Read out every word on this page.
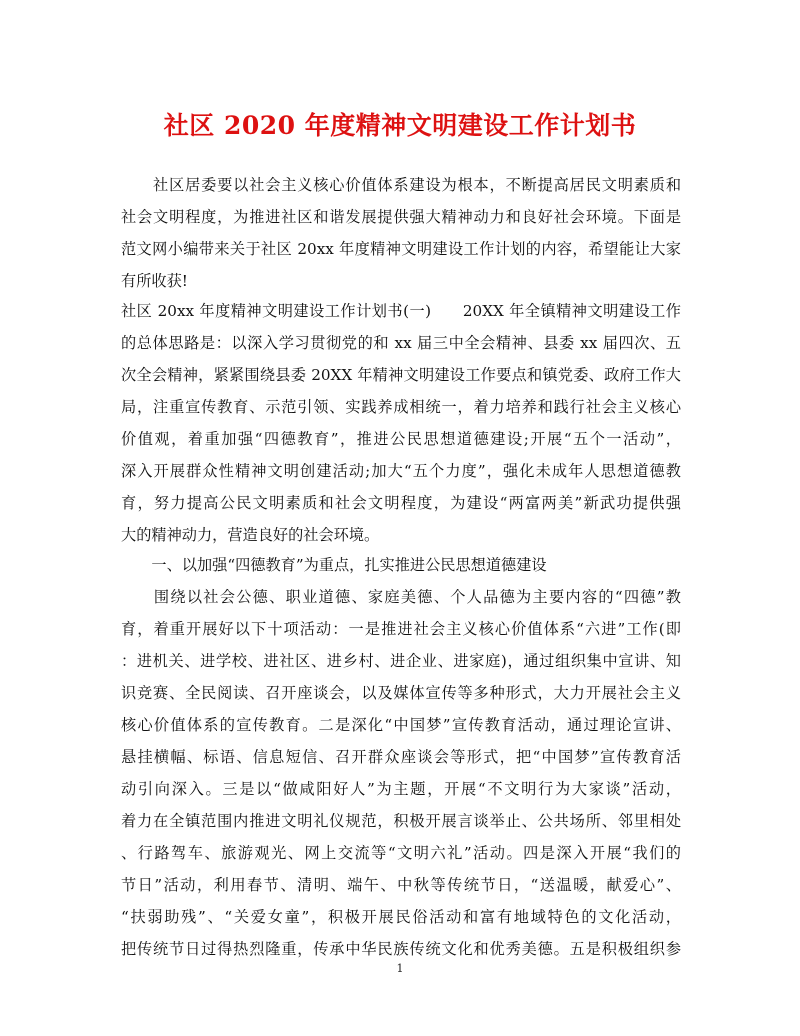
社区 2020 年度精神文明建设工作计划书
　　社区居委要以社会主义核心价值体系建设为根本，不断提高居民文明素质和
社会文明程度，为推进社区和谐发展提供强大精神动力和良好社会环境。下面是
范文网小编带来关于社区 20xx 年度精神文明建设工作计划的内容，希望能让大家
有所收获!
社区 20xx 年度精神文明建设工作计划书(一)　　20XX 年全镇精神文明建设工作
的总体思路是：以深入学习贯彻党的和 xx 届三中全会精神、县委 xx 届四次、五
次全会精神，紧紧围绕县委 20XX 年精神文明建设工作要点和镇党委、政府工作大
局，注重宣传教育、示范引领、实践养成相统一，着力培养和践行社会主义核心
价值观，着重加强“四德教育”，推进公民思想道德建设;开展“五个一活动”，
深入开展群众性精神文明创建活动;加大“五个力度”，强化未成年人思想道德教
育，努力提高公民文明素质和社会文明程度，为建设“两富两美”新武功提供强
大的精神动力，营造良好的社会环境。
　　一、以加强“四德教育”为重点，扎实推进公民思想道德建设
　　围绕以社会公德、职业道德、家庭美德、个人品德为主要内容的“四德”教
育，着重开展好以下十项活动：一是推进社会主义核心价值体系“六进”工作(即
：进机关、进学校、进社区、进乡村、进企业、进家庭)，通过组织集中宣讲、知
识竞赛、全民阅读、召开座谈会，以及媒体宣传等多种形式，大力开展社会主义
核心价值体系的宣传教育。二是深化“中国梦”宣传教育活动，通过理论宣讲、
悬挂横幅、标语、信息短信、召开群众座谈会等形式，把“中国梦”宣传教育活
动引向深入。三是以“做咸阳好人”为主题，开展“不文明行为大家谈”活动，
着力在全镇范围内推进文明礼仪规范，积极开展言谈举止、公共场所、邻里相处
、行路驾车、旅游观光、网上交流等“文明六礼”活动。四是深入开展“我们的
节日”活动，利用春节、清明、端午、中秋等传统节日，“送温暖，献爱心”、
“扶弱助残”、“关爱女童”，积极开展民俗活动和富有地域特色的文化活动，
把传统节日过得热烈隆重，传承中华民族传统文化和优秀美德。五是积极组织参
1
